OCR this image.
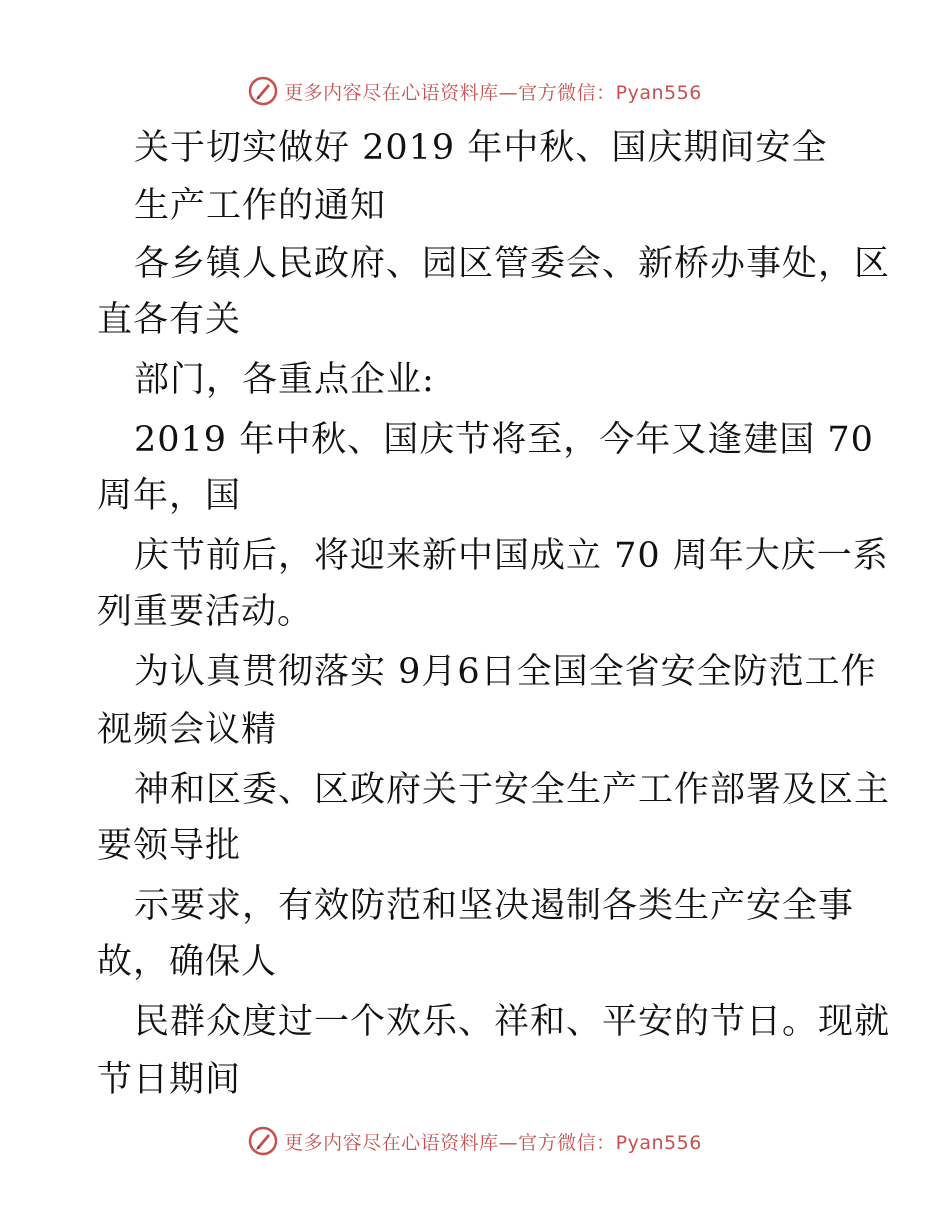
更多内容尽在心语资料库—官方微信：Pyan556
关于切实做好 2019 年中秋、国庆期间安全
生产工作的通知
各乡镇人民政府、园区管委会、新桥办事处，区
直各有关
部门，各重点企业:
2019 年中秋、国庆节将至，今年又逢建国 70
周年，国
庆节前后，将迎来新中国成立 70 周年大庆一系
列重要活动。
为认真贯彻落实 9月6日全国全省安全防范工作
视频会议精
神和区委、区政府关于安全生产工作部署及区主
要领导批
示要求，有效防范和坚决遏制各类生产安全事
故，确保人
民群众度过一个欢乐、祥和、平安的节日。现就
节日期间
更多内容尽在心语资料库—官方微信：Pyan556
